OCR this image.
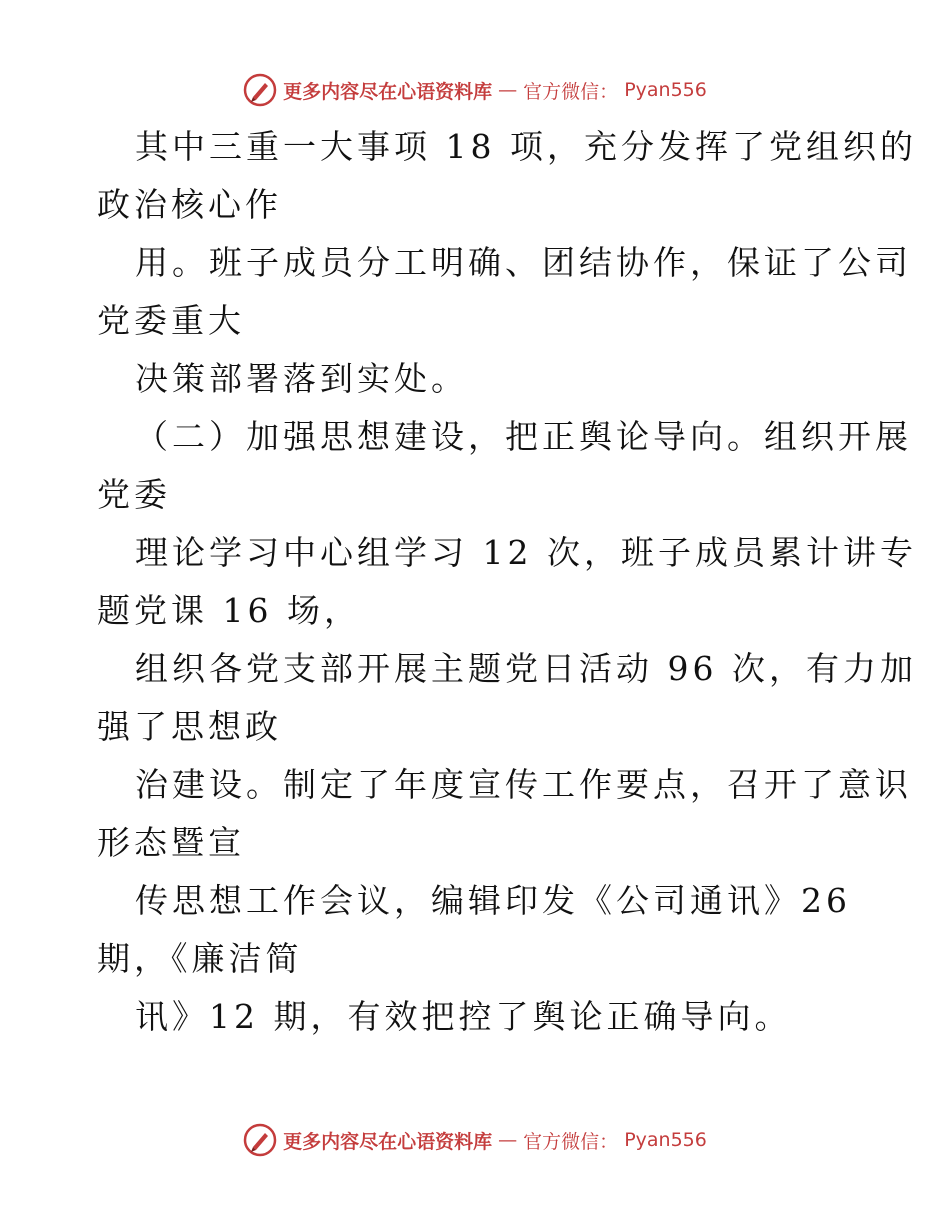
更多内容尽在心语资料库 — 官方微信： Pyan556
其中三重一大事项 18 项，充分发挥了党组织的
政治核心作
用。班子成员分工明确、团结协作，保证了公司
党委重大
决策部署落到实处。
（二）加强思想建设，把正舆论导向。组织开展
党委
理论学习中心组学习 12 次，班子成员累计讲专
题党课 16 场，
组织各党支部开展主题党日活动 96 次，有力加
强了思想政
治建设。制定了年度宣传工作要点，召开了意识
形态暨宣
传思想工作会议，编辑印发《公司通讯》26
期，《廉洁简
讯》12 期，有效把控了舆论正确导向。
更多内容尽在心语资料库 — 官方微信： Pyan556
